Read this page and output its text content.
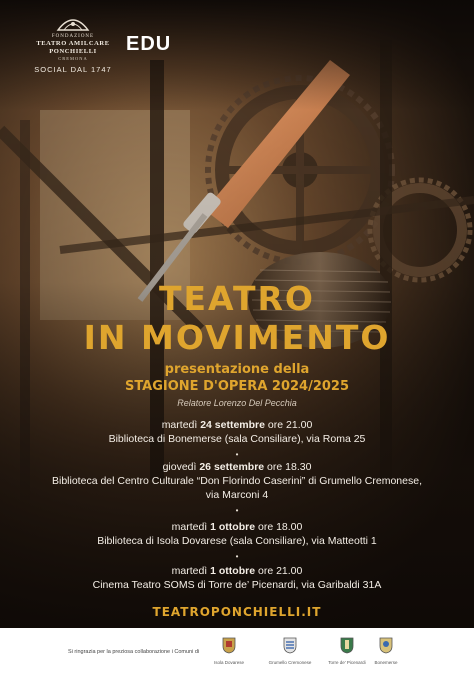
FONDAZIONE
TEATRO AMILCARE PONCHIELLI
CREMONA
SOCIAL DAL 1747
EDU
TEATRO
IN MOVIMENTO
presentazione della
STAGIONE D'OPERA 2024/2025
Relatore Lorenzo Del Pecchia
martedì 24 settembre ore 21.00
Biblioteca di Bonemerse (sala Consiliare), via Roma 25
•
giovedì 26 settembre ore 18.30
Biblioteca del Centro Culturale “Don Florindo Caserini” di Grumello Cremonese,
via Marconi 4
•
martedì 1 ottobre ore 18.00
Biblioteca di Isola Dovarese (sala Consiliare), via Matteotti 1
•
martedì 1 ottobre ore 21.00
Cinema Teatro SOMS di Torre de’ Picenardi, via Garibaldi 31A
TEATROPONCHIELLI.IT
Si ringrazia per la preziosa collaborazione i Comuni di
Isola Dovarese	Grumello Cremonese	Torre de' Picenardi	Bonemerse
